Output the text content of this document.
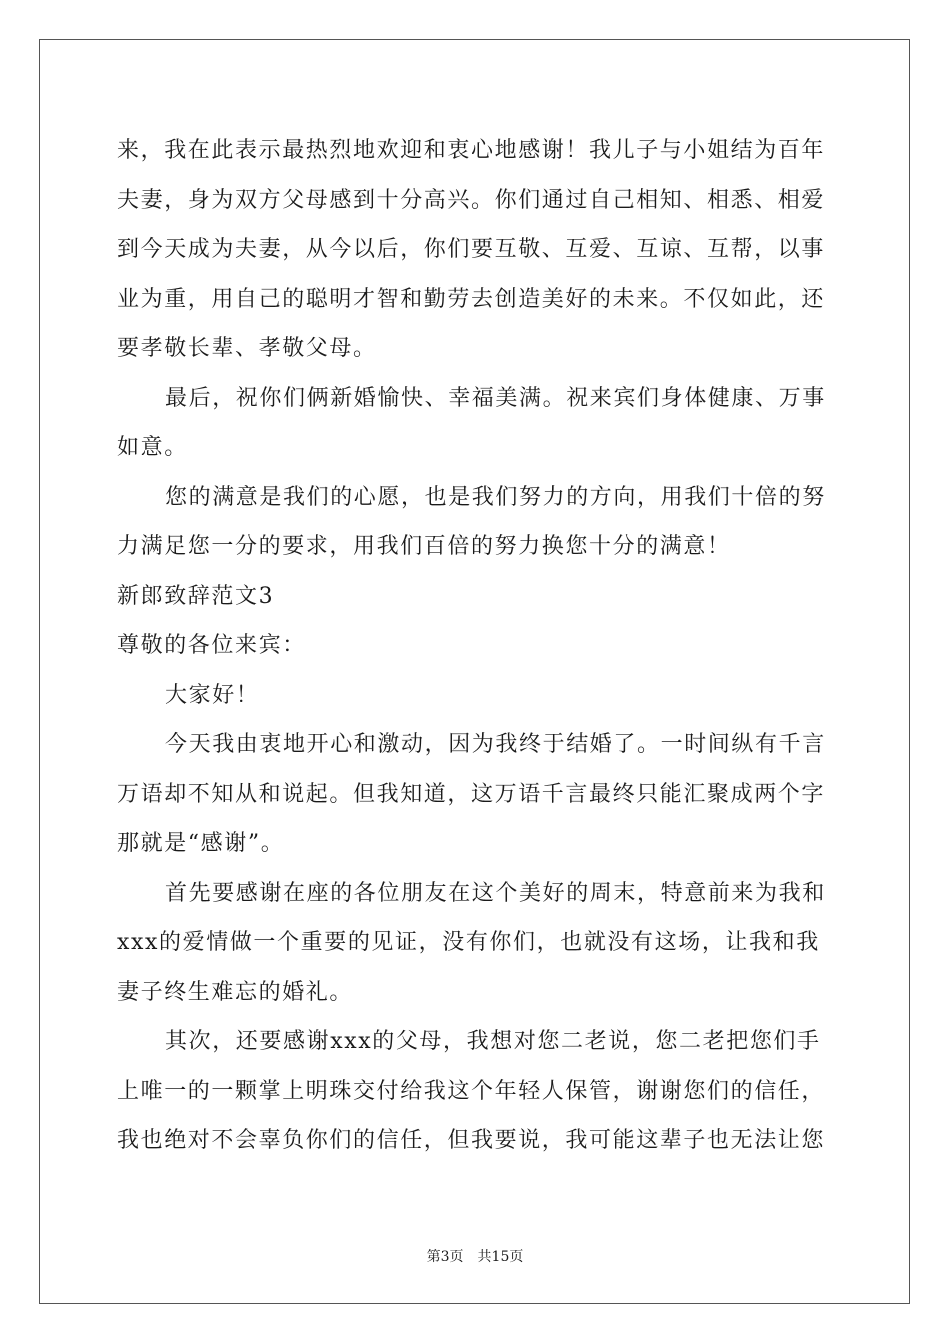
来，我在此表示最热烈地欢迎和衷心地感谢！我儿子与小姐结为百年
夫妻，身为双方父母感到十分高兴。你们通过自己相知、相悉、相爱
到今天成为夫妻，从今以后，你们要互敬、互爱、互谅、互帮，以事
业为重，用自己的聪明才智和勤劳去创造美好的未来。不仅如此，还
要孝敬长辈、孝敬父母。
最后，祝你们俩新婚愉快、幸福美满。祝来宾们身体健康、万事
如意。
您的满意是我们的心愿，也是我们努力的方向，用我们十倍的努
力满足您一分的要求，用我们百倍的努力换您十分的满意！
新郎致辞范文3
尊敬的各位来宾：
大家好！
今天我由衷地开心和激动，因为我终于结婚了。一时间纵有千言
万语却不知从和说起。但我知道，这万语千言最终只能汇聚成两个字
那就是“感谢”。
首先要感谢在座的各位朋友在这个美好的周末，特意前来为我和
xxx的爱情做一个重要的见证，没有你们，也就没有这场，让我和我
妻子终生难忘的婚礼。
其次，还要感谢xxx的父母，我想对您二老说，您二老把您们手
上唯一的一颗掌上明珠交付给我这个年轻人保管，谢谢您们的信任，
我也绝对不会辜负你们的信任，但我要说，我可能这辈子也无法让您
第3页 共15页
